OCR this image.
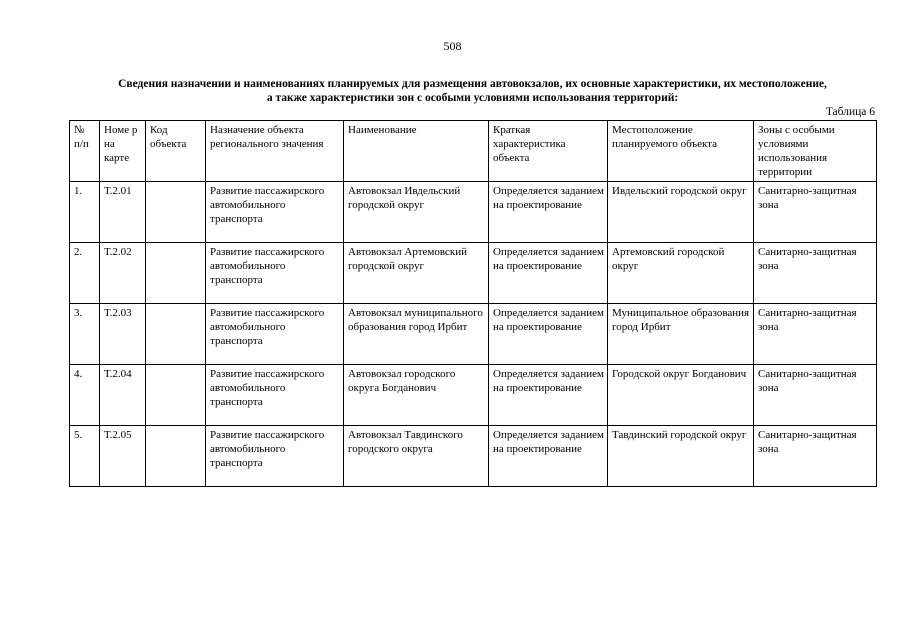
508
Сведения назначении и наименованиях планируемых для размещения автовокзалов, их основные характеристики, их местоположение,
а также характеристики зон с особыми условиями использования территорий:
Таблица 6
№ п/п	Номе р на карте	Код объекта	Назначение объекта регионального значения	Наименование	Краткая характеристика объекта	Местоположение планируемого объекта	Зоны с особыми условиями использования территории
1.	Т.2.01		Развитие пассажирского автомобильного транспорта	Автовокзал Ивдельский городской округ	Определяется заданием на проектирование	Ивдельский городской округ	Санитарно-защитная зона
2.	Т.2.02		Развитие пассажирского автомобильного транспорта	Автовокзал Артемовский городской округ	Определяется заданием на проектирование	Артемовский городской округ	Санитарно-защитная зона
3.	Т.2.03		Развитие пассажирского автомобильного транспорта	Автовокзал муниципального образования город Ирбит	Определяется заданием на проектирование	Муниципальное образования город Ирбит	Санитарно-защитная зона
4.	Т.2.04		Развитие пассажирского автомобильного транспорта	Автовокзал городского округа Богданович	Определяется заданием на проектирование	Городской округ Богданович	Санитарно-защитная зона
5.	Т.2.05		Развитие пассажирского автомобильного транспорта	Автовокзал Тавдинского городского округа	Определяется заданием на проектирование	Тавдинский городской округ	Санитарно-защитная зона
